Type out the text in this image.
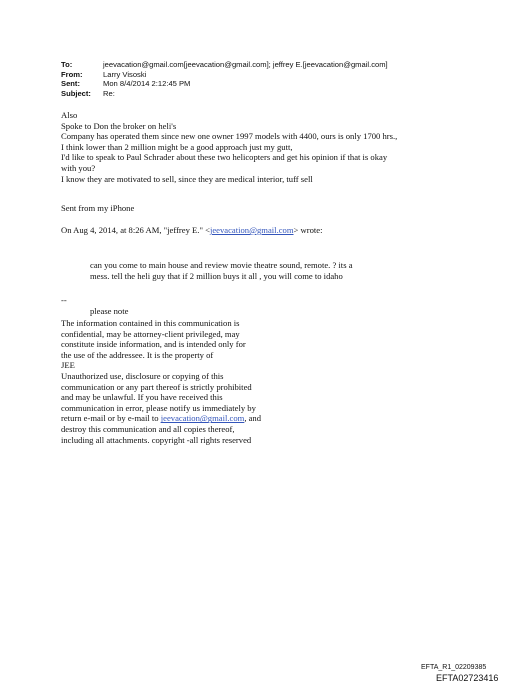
To:	jeevacation@gmail.com[jeevacation@gmail.com]; jeffrey E.[jeevacation@gmail.com]
From:	Larry Visoski
Sent:	Mon 8/4/2014 2:12:45 PM
Subject:	Re:
Also
Spoke to Don the broker on heli's
Company has operated them since new one owner 1997 models with 4400, ours is only 1700 hrs.,
I think lower than 2 million might be a good approach just my gutt,
I'd like to speak to Paul Schrader about these two helicopters and get his opinion if that is okay
with you?
I know they are motivated to sell, since they are medical interior, tuff sell
Sent from my iPhone
On Aug 4, 2014, at 8:26 AM, "jeffrey E." <jeevacation@gmail.com> wrote:
can you come to main house and review movie theatre sound, remote. ? its a
mess. tell the heli guy that if 2 million buys it all , you will come to idaho
--
please note
The information contained in this communication is
confidential, may be attorney-client privileged, may
constitute inside information, and is intended only for
the use of the addressee. It is the property of
JEE
Unauthorized use, disclosure or copying of this
communication or any part thereof is strictly prohibited
and may be unlawful. If you have received this
communication in error, please notify us immediately by
return e-mail or by e-mail to jeevacation@gmail.com, and
destroy this communication and all copies thereof,
including all attachments. copyright -all rights reserved
EFTA_R1_02209385
EFTA02723416
